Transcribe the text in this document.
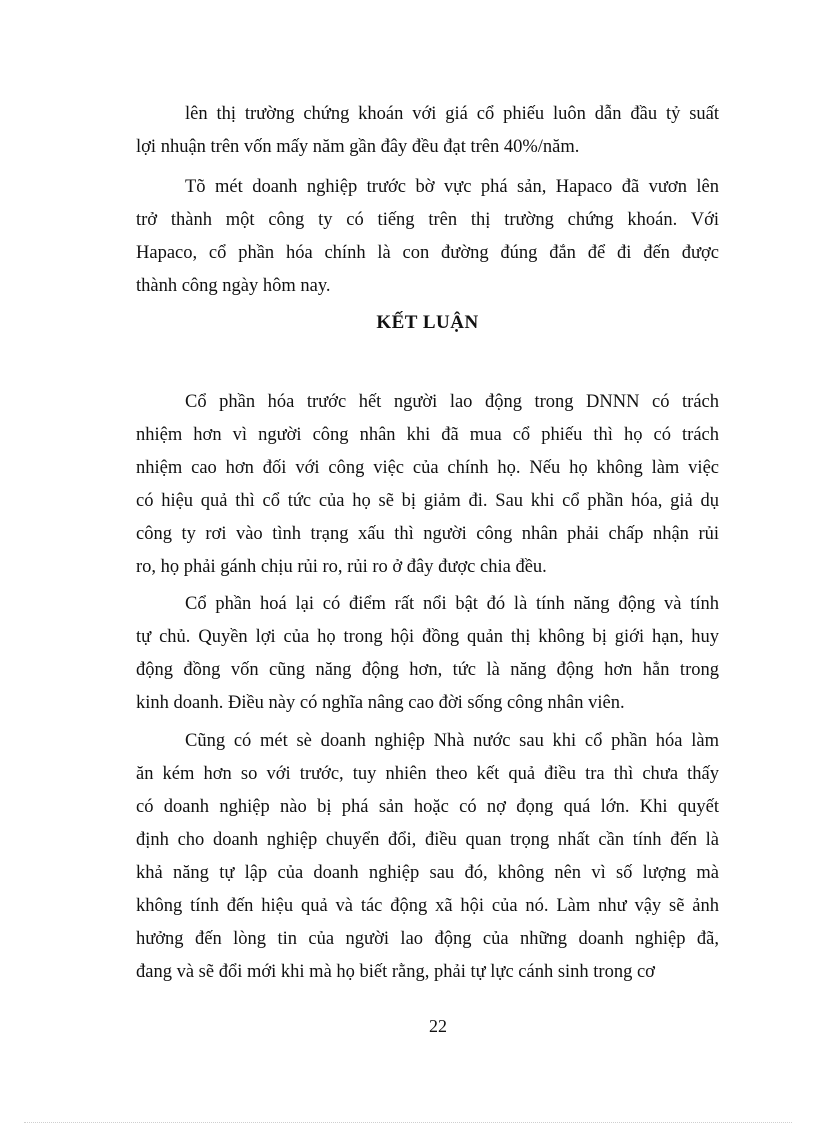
lên thị trường chứng khoán với giá cổ phiếu luôn dẫn đầu tỷ suất
lợi nhuận trên vốn mấy năm gần đây đều đạt trên 40%/năm.
Tõ mét doanh nghiệp trước bờ vực phá sản, Hapaco đã vươn lên
trở thành một công ty có tiếng trên thị trường chứng khoán. Với
Hapaco, cổ phần hóa chính là con đường đúng đắn để đi đến được
thành công ngày hôm nay.
KẾT LUẬN
Cổ phần hóa trước hết người lao động trong DNNN có trách
nhiệm hơn vì người công nhân khi đã mua cổ phiếu thì họ có trách
nhiệm cao hơn đối với công việc của chính họ. Nếu họ không làm việc
có hiệu quả thì cổ tức của họ sẽ bị giảm đi. Sau khi cổ phần hóa, giả dụ
công ty rơi vào tình trạng xấu thì người công nhân phải chấp nhận rủi
ro, họ phải gánh chịu rủi ro, rủi ro ở đây được chia đều.
Cổ phần hoá lại có điểm rất nổi bật đó là tính năng động và tính
tự chủ. Quyền lợi của họ trong hội đồng quản thị không bị giới hạn, huy
động đồng vốn cũng năng động hơn, tức là năng động hơn hẳn trong
kinh doanh. Điều này có nghĩa nâng cao đời sống công nhân viên.
Cũng có mét sè doanh nghiệp Nhà nước sau khi cổ phần hóa làm
ăn kém hơn so với trước, tuy nhiên theo kết quả điều tra thì chưa thấy
có doanh nghiệp nào bị phá sản hoặc có nợ đọng quá lớn. Khi quyết
định cho doanh nghiệp chuyển đổi, điều quan trọng nhất cần tính đến là
khả năng tự lập của doanh nghiệp sau đó, không nên vì số lượng mà
không tính đến hiệu quả và tác động xã hội của nó. Làm như vậy sẽ ảnh
hưởng đến lòng tin của người lao động của những doanh nghiệp đã,
đang và sẽ đổi mới khi mà họ biết rằng, phải tự lực cánh sinh trong cơ
22
